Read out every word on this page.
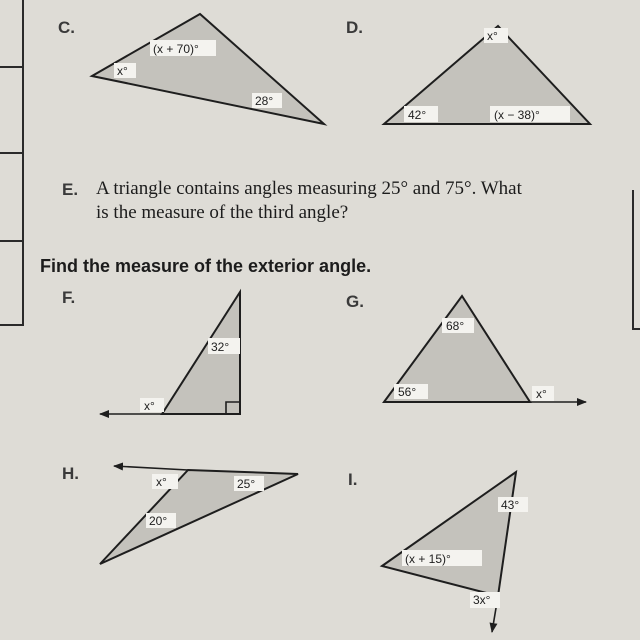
C.	D.
E.
F.	G.
H.	I.
A triangle contains angles measuring 25° and 75°. What
is the measure of the third angle?
Find the measure of the exterior angle.
(x + 70)°
x°
28°
x°
42°	(x − 38)°
32°
x°
68°
56°	x°
x°	25°
20°
43°
(x + 15)°
3x°
